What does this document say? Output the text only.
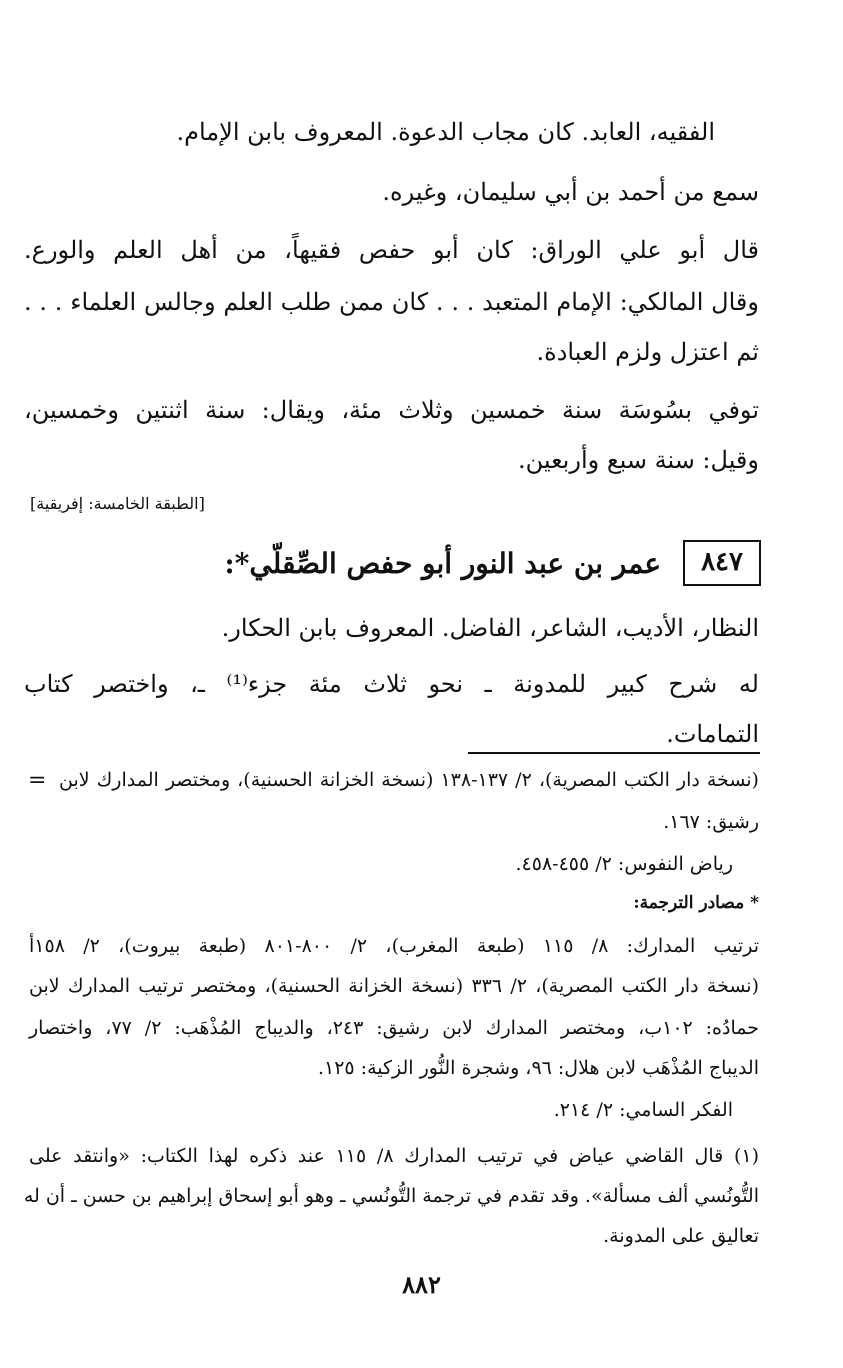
الفقيه، العابد. كان مجاب الدعوة. المعروف بابن الإمام.
سمع من أحمد بن أبي سليمان، وغيره.
قال أبو علي الوراق: كان أبو حفص فقيهاً، من أهل العلم والورع.
وقال المالكي: الإمام المتعبد . . . كان ممن طلب العلم وجالس العلماء . . .
ثم اعتزل ولزم العبادة.
توفي بسُوسَة سنة خمسين وثلاث مئة، ويقال: سنة اثنتين وخمسين،
وقيل: سنة سبع وأربعين.
[الطبقة الخامسة: إفريقية]
٨٤٧
عمر بن عبد النور أبو حفص الصِّقلّي*:
النظار، الأديب، الشاعر، الفاضل. المعروف بابن الحكار.
له شرح كبير للمدونة ـ نحو ثلاث مئة جزء⁽¹⁾ ـ، واختصر كتاب
التمامات.
= (نسخة دار الكتب المصرية)، ٢/ ١٣٧-١٣٨ (نسخة الخزانة الحسنية)، ومختصر المدارك لابن
رشيق: ١٦٧.
رياض النفوس: ٢/ ٤٥٥-٤٥٨.
* مصادر الترجمة:
ترتيب المدارك: ٨/ ١١٥ (طبعة المغرب)، ٢/ ٨٠٠-٨٠١ (طبعة بيروت)، ٢/ ١٥٨أ
(نسخة دار الكتب المصرية)، ٢/ ٣٣٦ (نسخة الخزانة الحسنية)، ومختصر ترتيب المدارك لابن
حمادُه: ١٠٢ب، ومختصر المدارك لابن رشيق: ٢٤٣، والديباج المُذْهَب: ٢/ ٧٧، واختصار
الديباج المُذْهَب لابن هلال: ٩٦، وشجرة النُّور الزكية: ١٢٥.
الفكر السامي: ٢/ ٢١٤.
(١) قال القاضي عياض في ترتيب المدارك ٨/ ١١٥ عند ذكره لهذا الكتاب: «وانتقد على
التُّونُسي ألف مسألة». وقد تقدم في ترجمة التُّونُسي ـ وهو أبو إسحاق إبراهيم بن حسن ـ أن له
تعاليق على المدونة.
٨٨٢
